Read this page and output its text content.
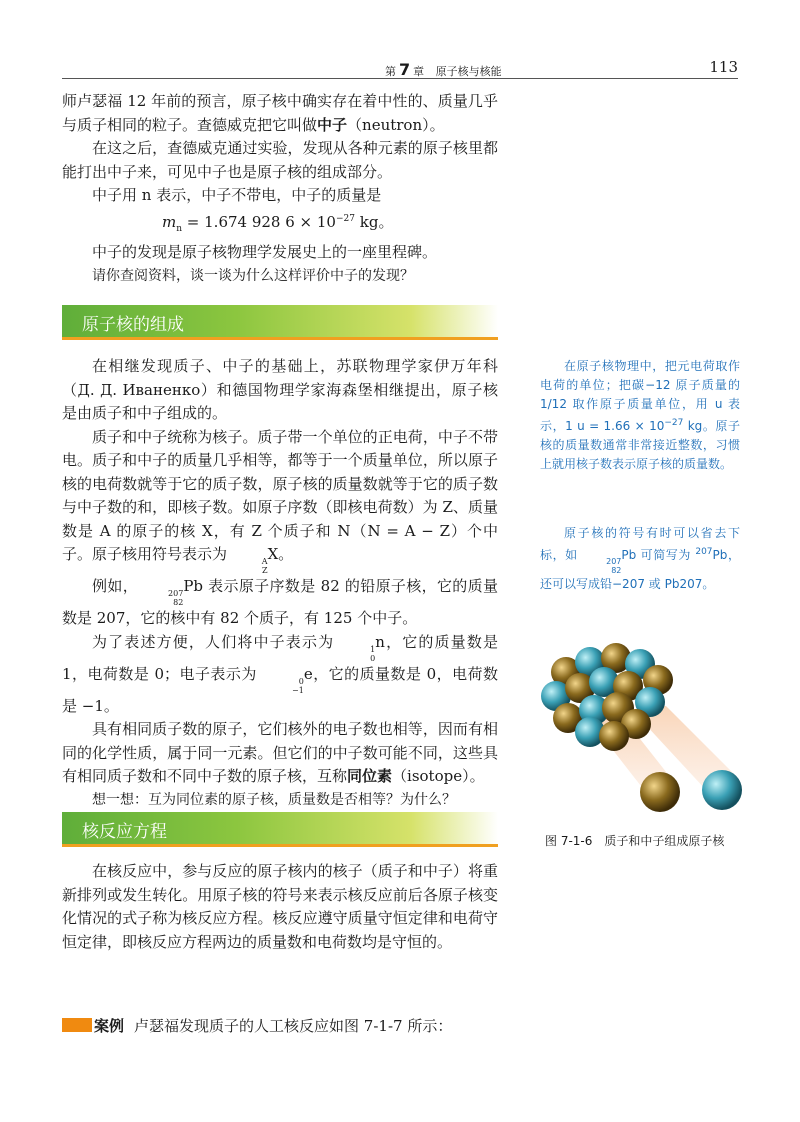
第 7 章 原子核与核能	113

师卢瑟福 12 年前的预言，原子核中确实存在着中性的、质量几乎与质子相同的粒子。查德威克把它叫做中子（neutron）。

在这之后，查德威克通过实验，发现从各种元素的原子核里都能打出中子来，可见中子也是原子核的组成部分。

中子用 n 表示，中子不带电，中子的质量是

$m_n = 1.674$ 928 $6 \times 10^{-27}$ kg。

中子的发现是原子核物理学发展史上的一座里程碑。

请你查阅资料，谈一谈为什么这样评价中子的发现？

原子核的组成

在相继发现质子、中子的基础上，苏联物理学家伊万年科（Д. Д. Иваненко）和德国物理学家海森堡相继提出，原子核是由质子和中子组成的。

质子和中子统称为核子。质子带一个单位的正电荷，中子不带电。质子和中子的质量几乎相等，都等于一个质量单位，所以原子核的电荷数就等于它的质子数，原子核的质量数就等于它的质子数与中子数的和，即核子数。如原子序数（即核电荷数）为 Z、质量数是 A 的原子的核 X，有 Z 个质子和 N（N = A − Z）个中子。原子核用符号表示为	A
Z
X。

例如，	207
82
Pb 表示原子序数是 82 的铅原子核，它的质量数是 207，它的核中有 82 个质子，有 125 个中子。

为了表述方便，人们将中子表示为	1
0
n，它的质量数是 1，电荷数是 0；电子表示为	0
−1
e，它的质量数是 0，电荷数是 −1。

具有相同质子数的原子，它们核外的电子数也相等，因而有相同的化学性质，属于同一元素。但它们的中子数可能不同，这些具有相同质子数和不同中子数的原子核，互称同位素（isotope）。

想一想：互为同位素的原子核，质量数是否相等？为什么？

核反应方程

在核反应中，参与反应的原子核内的核子（质子和中子）将重新排列或发生转化。用原子核的符号来表示核反应前后各原子核变化情况的式子称为核反应方程。核反应遵守质量守恒定律和电荷守恒定律，即核反应方程两边的质量数和电荷数均是守恒的。

案例 卢瑟福发现质子的人工核反应如图 7-1-7 所示：

在原子核物理中，把元电荷取作电荷的单位；把碳−12 原子质量的 1/12 取作原子质量单位，用 u 表示，1 $u = 1.66 \times 10^{-27}$ kg。原子核的质量数通常非常接近整数，习惯上就用核子数表示原子核的质量数。

原子核的符号有时可以省去下标，如	207
82
Pb 可简写为 $^{207}$Pb，还可以写成铅−207 或 Pb207。

图 7-1-6　质子和中子组成原子核
